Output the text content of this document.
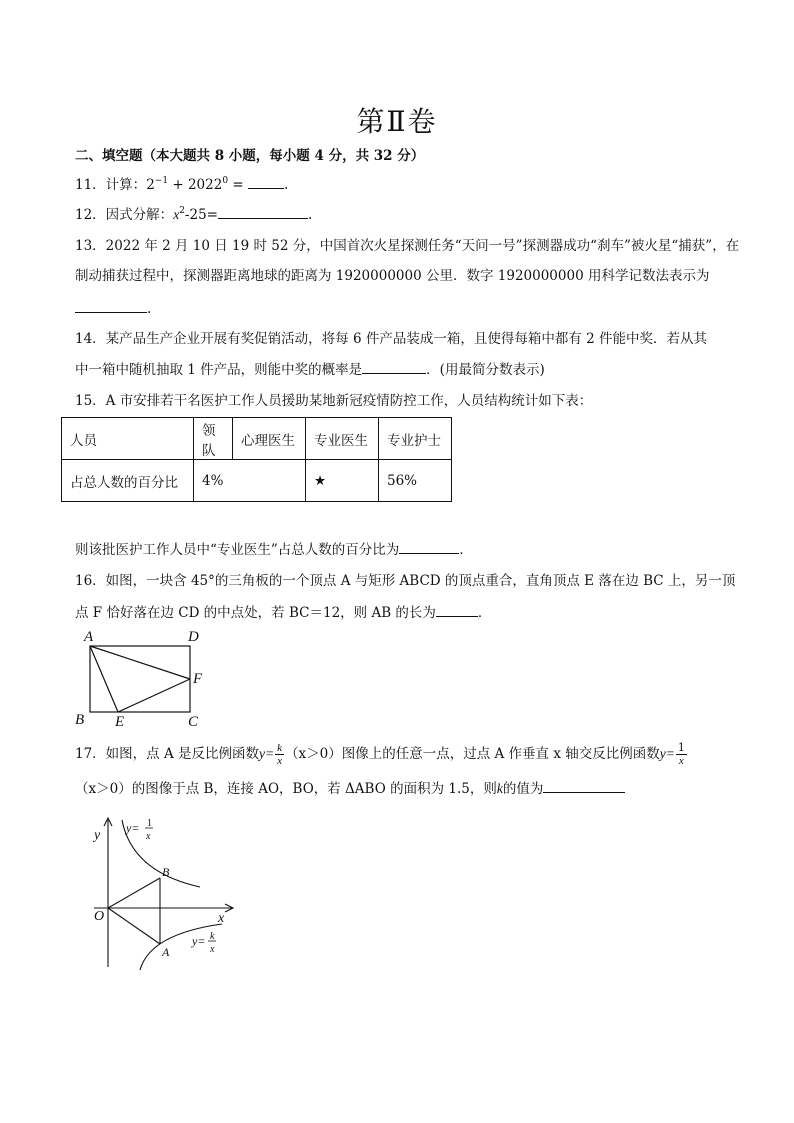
第Ⅱ卷
二、填空题（本大题共 8 小题，每小题 4 分，共 32 分）
11．计算：$2^{-1} + 2022^0$ =	.
12．因式分解：$x^2-25=$	.
13．2022 年 2 月 10 日 19 时 52 分，中国首次火星探测任务“天问一号”探测器成功“刹车”被火星“捕获”，在
制动捕获过程中，探测器距离地球的距离为 1920000000 公里．数字 1920000000 用科学记数法表示为
.
14．某产品生产企业开展有奖促销活动，将每 6 件产品装成一箱，且使得每箱中都有 2 件能中奖．若从其
中一箱中随机抽取 1 件产品，则能中奖的概率是	．(用最简分数表示)
15．A 市安排若干名医护工作人员援助某地新冠疫情防控工作，人员结构统计如下表：
人员	领队	心理医生	专业医生	专业护士
占总人数的百分比	4%		★	56%
则该批医护工作人员中“专业医生”占总人数的百分比为	．
16．如图，一块含 45°的三角板的一个顶点 A 与矩形 ABCD 的顶点重合，直角顶点 E 落在边 BC 上，另一顶
点 F 恰好落在边 CD 的中点处，若 BC＝12，则 AB 的长为	．
A	D
F
B E	C
17．如图，点 A 是反比例函数$y= \frac{k}{x} (x>0)$图像上的任意一点，过点 A 作垂直 x 轴交反比例函数$y= \frac{1}{x}$
（x＞0）的图像于点 B，连接 AO，BO，若 ΔABO 的面积为 1.5，则k的值为
y
x
O
B
A
y= 1
x
y= k
x
